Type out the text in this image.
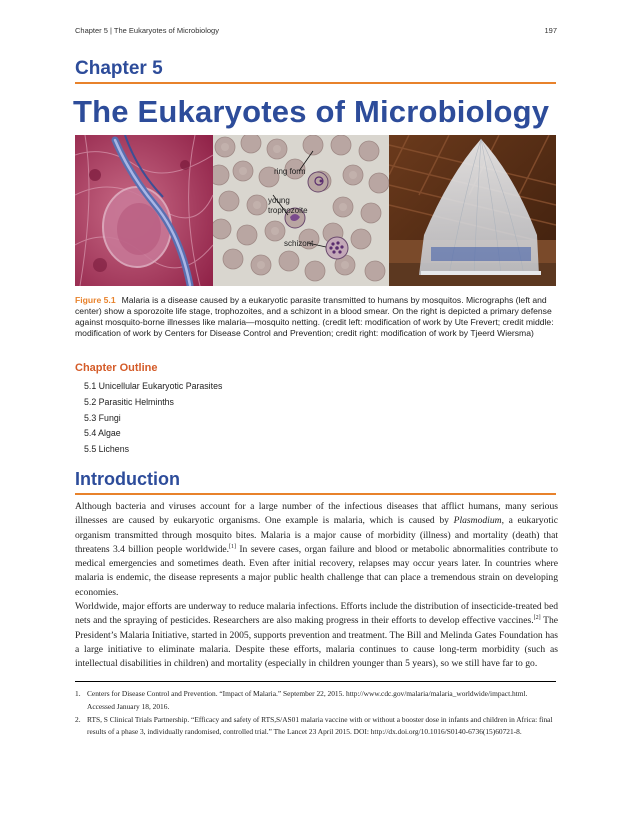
Chapter 5 | The Eukaryotes of Microbiology	197
Chapter 5
The Eukaryotes of Microbiology
ring form
young
trophozoite
schizont
Figure 5.1 Malaria is a disease caused by a eukaryotic parasite transmitted to humans by mosquitos. Micrographs (left and center) show a sporozoite life stage, trophozoites, and a schizont in a blood smear. On the right is depicted a primary defense against mosquito-borne illnesses like malaria—mosquito netting. (credit left: modification of work by Ute Frevert; credit middle: modification of work by Centers for Disease Control and Prevention; credit right: modification of work by Tjeerd Wiersma)
Chapter Outline
5.1 Unicellular Eukaryotic Parasites
5.2 Parasitic Helminths
5.3 Fungi
5.4 Algae
5.5 Lichens
Introduction

Although bacteria and viruses account for a large number of the infectious diseases that afflict humans, many serious illnesses are caused by eukaryotic organisms. One example is malaria, which is caused by Plasmodium, a eukaryotic organism transmitted through mosquito bites. Malaria is a major cause of morbidity (illness) and mortality (death) that threatens 3.4 billion people worldwide.[1] In severe cases, organ failure and blood or metabolic abnormalities contribute to medical emergencies and sometimes death. Even after initial recovery, relapses may occur years later. In countries where malaria is endemic, the disease represents a major public health challenge that can place a tremendous strain on developing economies.

Worldwide, major efforts are underway to reduce malaria infections. Efforts include the distribution of insecticide-treated bed nets and the spraying of pesticides. Researchers are also making progress in their efforts to develop effective vaccines.[2] The President’s Malaria Initiative, started in 2005, supports prevention and treatment. The Bill and Melinda Gates Foundation has a large initiative to eliminate malaria. Despite these efforts, malaria continues to cause long-term morbidity (such as intellectual disabilities in children) and mortality (especially in children younger than 5 years), so we still have far to go.

1. Centers for Disease Control and Prevention. “Impact of Malaria.” September 22, 2015. http://www.cdc.gov/malaria/malaria_worldwide/impact.html. Accessed January 18, 2016.
2. RTS, S Clinical Trials Partnership. “Efficacy and safety of RTS,S/AS01 malaria vaccine with or without a booster dose in infants and children in Africa: final results of a phase 3, individually randomised, controlled trial.” The Lancet 23 April 2015. DOI: http://dx.doi.org/10.1016/S0140-6736(15)60721-8.
